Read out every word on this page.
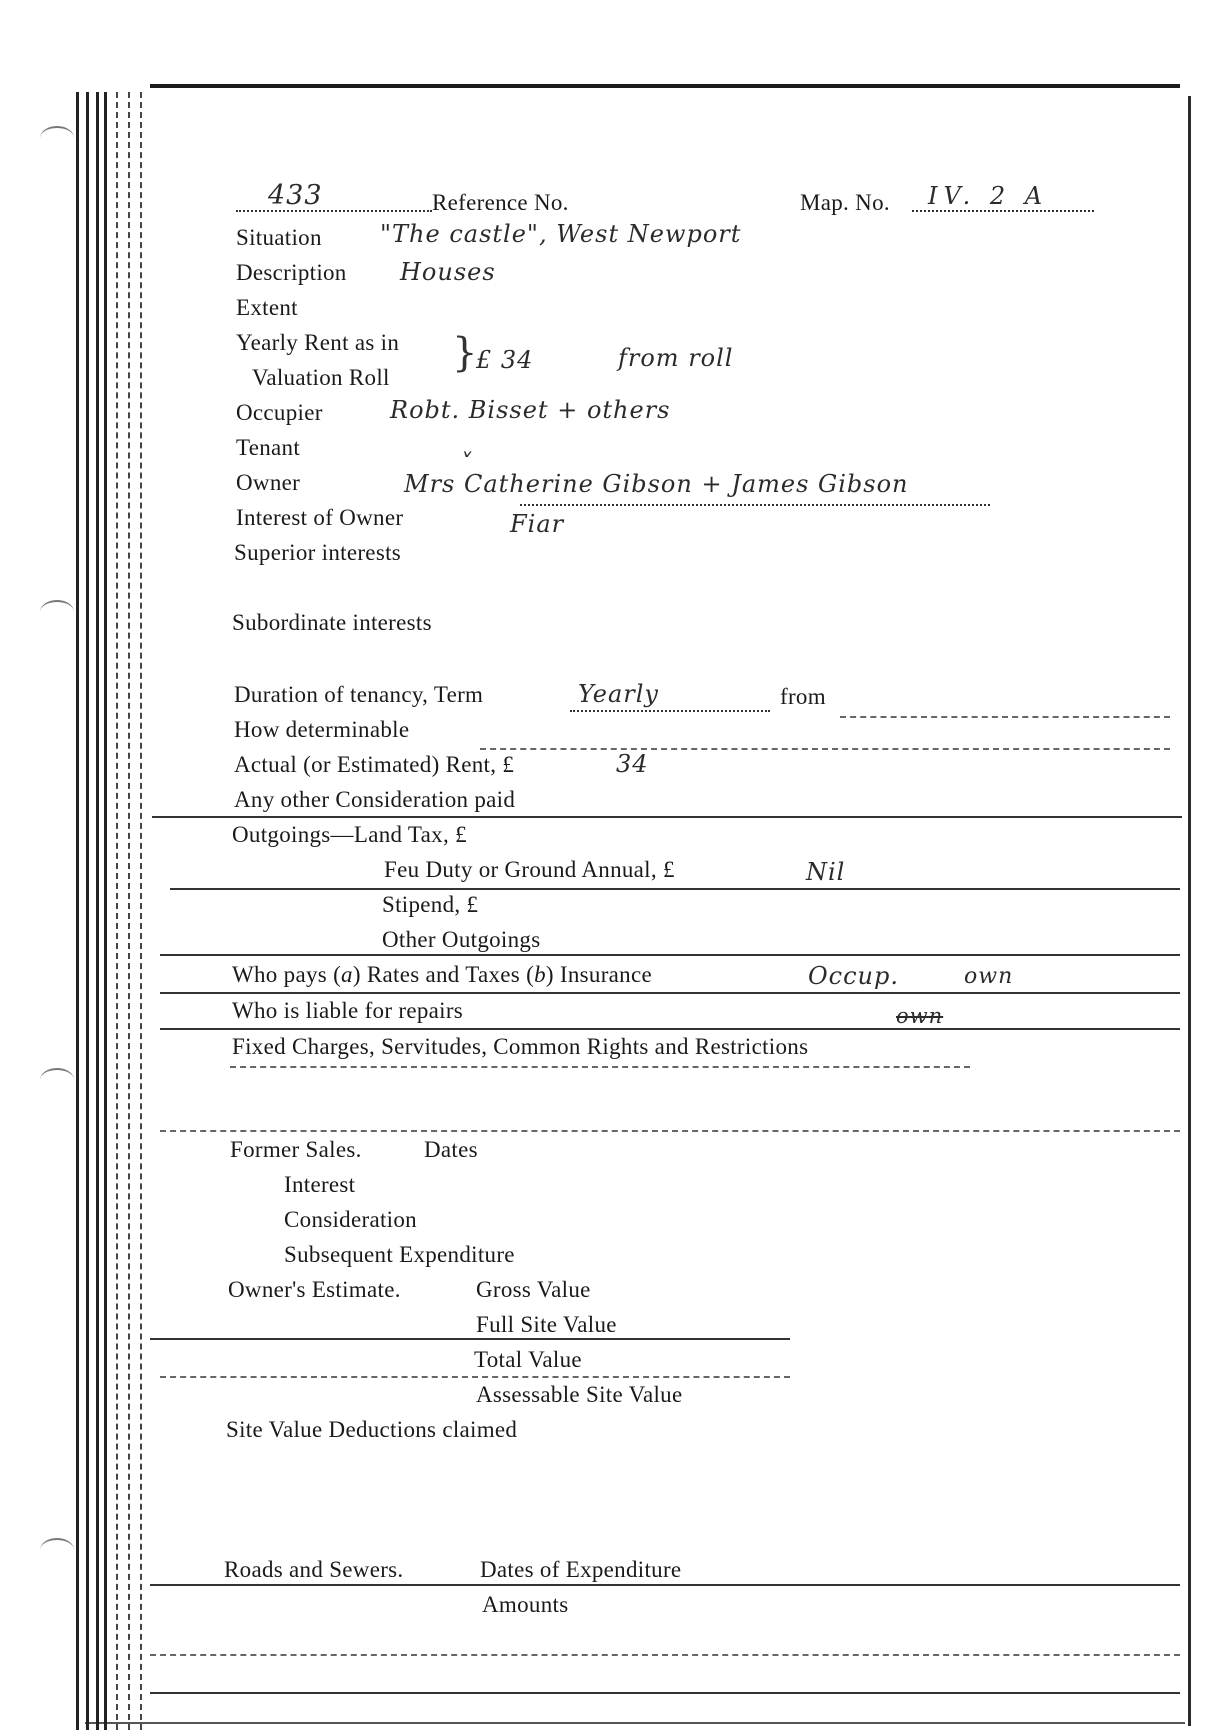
433	Reference No.	Map. No. IV. 2 A
Situation "The castle", West Newport
Description Houses
Extent
Yearly Rent as in
Valuation Roll
}
£ 34	from roll
Occupier	Robt. Bisset + others
Tenant	ˬ
Owner	Mrs Catherine Gibson + James Gibson
Interest of Owner	Fiar
Superior interests
Subordinate interests
Duration of tenancy, Term	Yearly	from
How determinable
Actual (or Estimated) Rent, £	34
Any other Consideration paid
Outgoings—Land Tax, £
Feu Duty or Ground Annual, £	Nil
Stipend, £
Other Outgoings
Who pays (a) Rates and Taxes (b) Insurance	Occup.	own
Who is liable for repairs	own
Fixed Charges, Servitudes, Common Rights and Restrictions
Former Sales.	Dates
Interest
Consideration
Subsequent Expenditure
Owner's Estimate.	Gross Value
Full Site Value
Total Value
Assessable Site Value
Site Value Deductions claimed
Roads and Sewers.	Dates of Expenditure
Amounts
